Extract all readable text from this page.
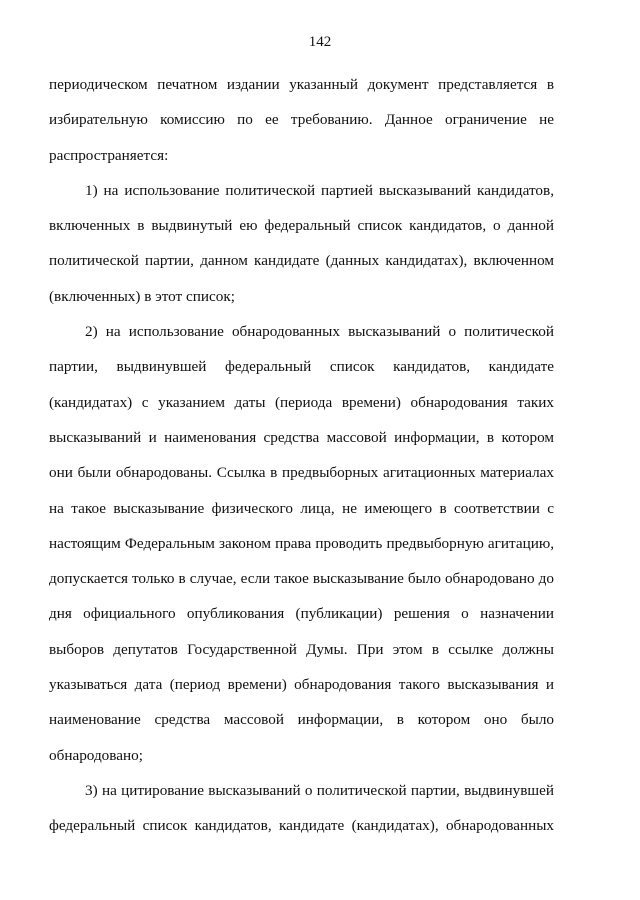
142

периодическом печатном издании указанный документ представляется в
избирательную комиссию по ее требованию. Данное ограничение не
распространяется:

1) на использование политической партией высказываний кандидатов,
включенных в выдвинутый ею федеральный список кандидатов, о данной
политической партии, данном кандидате (данных кандидатах), включенном
(включенных) в этот список;

2) на использование обнародованных высказываний о политической
партии, выдвинувшей федеральный список кандидатов, кандидате
(кандидатах) с указанием даты (периода времени) обнародования таких
высказываний и наименования средства массовой информации, в котором
они были обнародованы. Ссылка в предвыборных агитационных материалах
на такое высказывание физического лица, не имеющего в соответствии с
настоящим Федеральным законом права проводить предвыборную агитацию,
допускается только в случае, если такое высказывание было обнародовано до
дня официального опубликования (публикации) решения о назначении
выборов депутатов Государственной Думы. При этом в ссылке должны
указываться дата (период времени) обнародования такого высказывания и
наименование средства массовой информации, в котором оно было
обнародовано;

3) на цитирование высказываний о политической партии, выдвинувшей
федеральный список кандидатов, кандидате (кандидатах), обнародованных
